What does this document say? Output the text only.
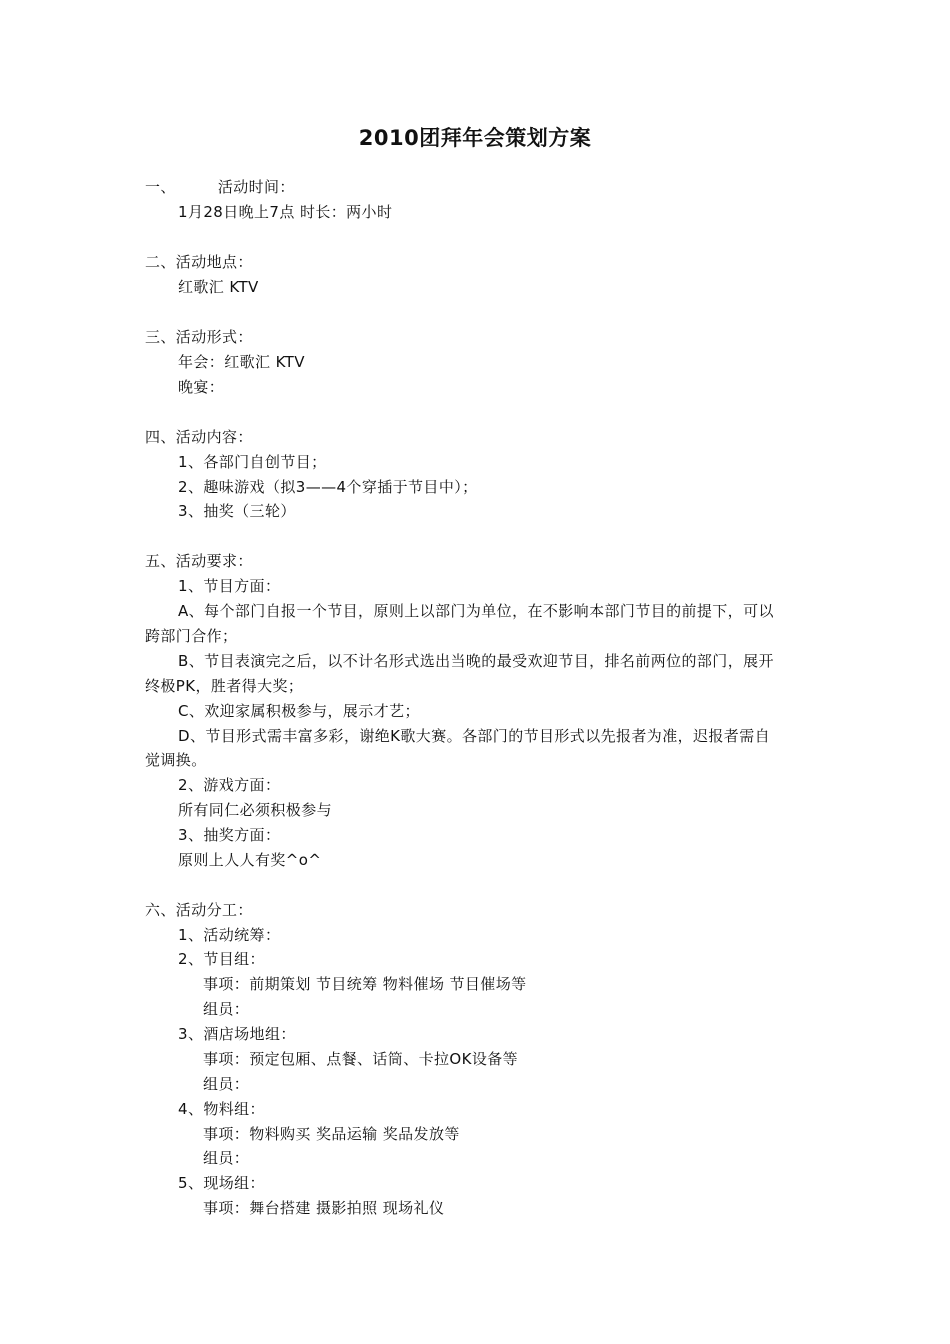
2010团拜年会策划方案
一、	活动时间：
1月28日晚上7点 时长：两小时
二、活动地点：
红歌汇 KTV
三、活动形式：
年会：红歌汇 KTV
晚宴：
四、活动内容：
1、各部门自创节目；
2、趣味游戏（拟3——4个穿插于节目中）；
3、抽奖（三轮）
五、活动要求：
1、节目方面：
A、每个部门自报一个节目，原则上以部门为单位，在不影响本部门节目的前提下，可以
跨部门合作；
B、节目表演完之后，以不计名形式选出当晚的最受欢迎节目，排名前两位的部门，展开
终极PK，胜者得大奖；
C、欢迎家属积极参与，展示才艺；
D、节目形式需丰富多彩，谢绝K歌大赛。各部门的节目形式以先报者为准，迟报者需自
觉调换。
2、游戏方面：
所有同仁必须积极参与
3、抽奖方面：
原则上人人有奖^o^
六、活动分工：
1、活动统筹：
2、节目组：
事项：前期策划 节目统筹 物料催场 节目催场等
组员：
3、酒店场地组：
事项：预定包厢、点餐、话筒、卡拉OK设备等
组员：
4、物料组：
事项：物料购买 奖品运输 奖品发放等
组员：
5、现场组：
事项：舞台搭建 摄影拍照 现场礼仪
